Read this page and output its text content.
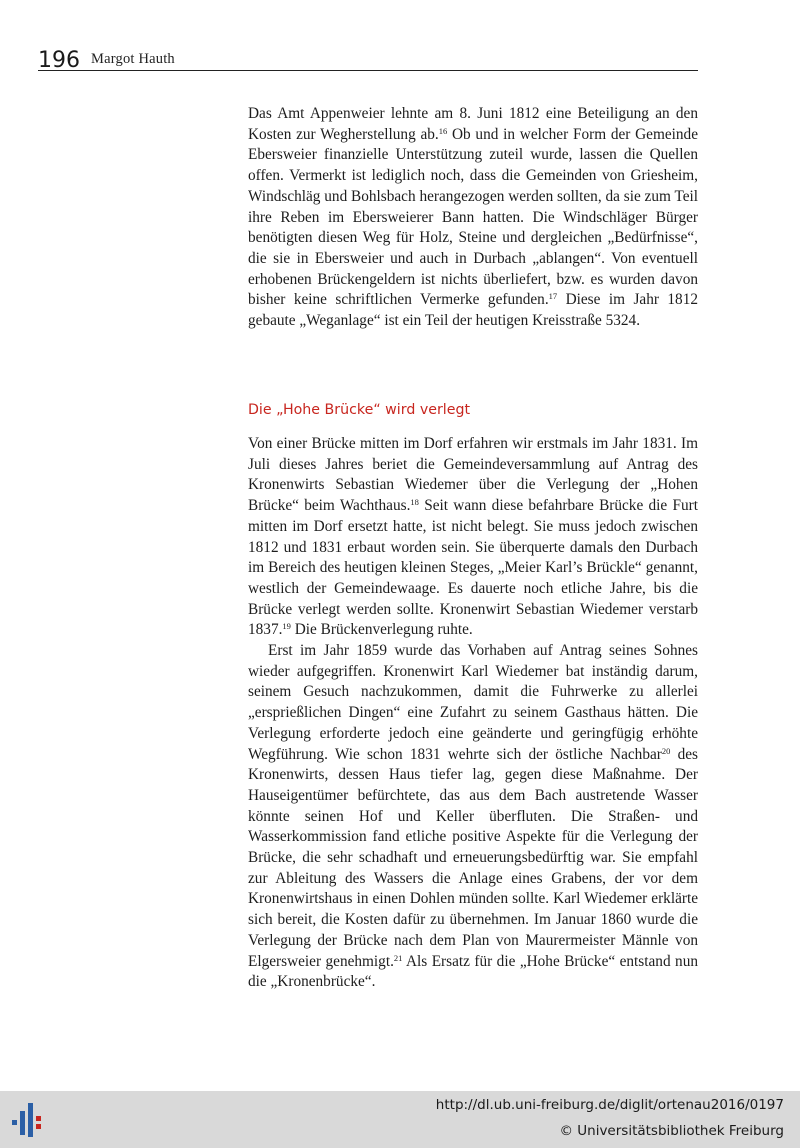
196 Margot Hauth

Das Amt Appenweier lehnte am 8. Juni 1812 eine Beteiligung an den Kosten zur Wegherstellung ab.$^{16}$ Ob und in welcher Form der Gemeinde Ebersweier finanzielle Unterstützung zuteil wurde, lassen die Quellen offen. Vermerkt ist lediglich noch, dass die Gemeinden von Griesheim, Windschläg und Bohlsbach herangezogen werden sollten, da sie zum Teil ihre Reben im Ebersweierer Bann hatten. Die Windschläger Bürger benötigten diesen Weg für Holz, Steine und dergleichen „Bedürfnisse“, die sie in Ebersweier und auch in Durbach „ablangen“. Von eventuell erhobenen Brückengeldern ist nichts überliefert, bzw. es wurden davon bisher keine schriftlichen Vermerke gefunden.$^{17}$ Diese im Jahr 1812 gebaute „Weganlage“ ist ein Teil der heutigen Kreisstraße 5324.

Die „Hohe Brücke“ wird verlegt

Von einer Brücke mitten im Dorf erfahren wir erstmals im Jahr 1831. Im Juli dieses Jahres beriet die Gemeindeversammlung auf Antrag des Kronenwirts Sebastian Wiedemer über die Verlegung der „Hohen Brücke“ beim Wachthaus.$^{18}$ Seit wann diese befahrbare Brücke die Furt mitten im Dorf ersetzt hatte, ist nicht belegt. Sie muss jedoch zwischen 1812 und 1831 erbaut worden sein. Sie überquerte damals den Durbach im Bereich des heutigen kleinen Steges, „Meier Karl’s Brückle“ genannt, westlich der Gemeindewaage. Es dauerte noch etliche Jahre, bis die Brücke verlegt werden sollte. Kronenwirt Sebastian Wiedemer verstarb 1837.19 Die Brückenverlegung ruhte.

Erst im Jahr 1859 wurde das Vorhaben auf Antrag seines Sohnes wieder aufgegriffen. Kronenwirt Karl Wiedemer bat inständig darum, seinem Gesuch nachzukommen, damit die Fuhrwerke zu allerlei „ersprießlichen Dingen“ eine Zufahrt zu seinem Gasthaus hätten. Die Verlegung erforderte jedoch eine geänderte und geringfügig erhöhte Wegführung. Wie schon 1831 wehrte sich der östliche Nachbar$^{20}$ des Kronenwirts, dessen Haus tiefer lag, gegen diese Maßnahme. Der Hauseigentümer befürchtete, das aus dem Bach austretende Wasser könnte seinen Hof und Keller überfluten. Die Straßen- und Wasserkommission fand etliche positive Aspekte für die Verlegung der Brücke, die sehr schadhaft und erneuerungsbedürftig war. Sie empfahl zur Ableitung des Wassers die Anlage eines Grabens, der vor dem Kronenwirtshaus in einen Dohlen münden sollte. Karl Wiedemer erklärte sich bereit, die Kosten dafür zu übernehmen. Im Januar 1860 wurde die Verlegung der Brücke nach dem Plan von Maurermeister Männle von Elgersweier genehmigt.$^{21}$ Als Ersatz für die „Hohe Brücke“ entstand nun die „Kronenbrücke“.

http://dl.ub.uni-freiburg.de/diglit/ortenau2016/0197
© Universitätsbibliothek Freiburg
